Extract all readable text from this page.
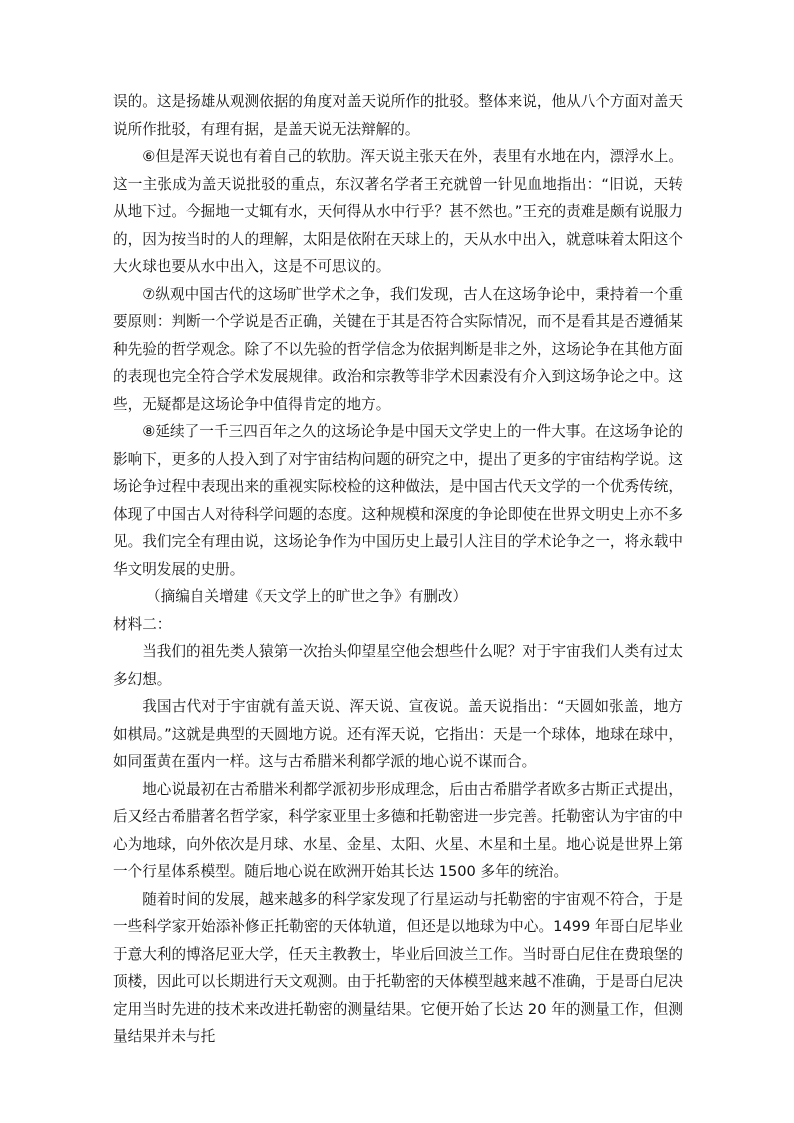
误的。这是扬雄从观测依据的角度对盖天说所作的批驳。整体来说，他从八个方面对盖天说所作批驳，有理有据，是盖天说无法辩解的。

⑥但是浑天说也有着自己的软肋。浑天说主张天在外，表里有水地在内，漂浮水上。这一主张成为盖天说批驳的重点，东汉著名学者王充就曾一针见血地指出：“旧说，天转从地下过。今掘地一丈辄有水，天何得从水中行乎？甚不然也。”王充的责难是颇有说服力的，因为按当时的人的理解，太阳是依附在天球上的，天从水中出入，就意味着太阳这个大火球也要从水中出入，这是不可思议的。

⑦纵观中国古代的这场旷世学术之争，我们发现，古人在这场争论中，秉持着一个重要原则：判断一个学说是否正确，关键在于其是否符合实际情况，而不是看其是否遵循某种先验的哲学观念。除了不以先验的哲学信念为依据判断是非之外，这场论争在其他方面的表现也完全符合学术发展规律。政治和宗教等非学术因素没有介入到这场争论之中。这些，无疑都是这场论争中值得肯定的地方。

⑧延续了一千三四百年之久的这场论争是中国天文学史上的一件大事。在这场争论的影响下，更多的人投入到了对宇宙结构问题的研究之中，提出了更多的宇宙结构学说。这场论争过程中表现出来的重视实际校检的这种做法，是中国古代天文学的一个优秀传统，体现了中国古人对待科学问题的态度。这种规模和深度的争论即使在世界文明史上亦不多见。我们完全有理由说，这场论争作为中国历史上最引人注目的学术论争之一，将永载中华文明发展的史册。

（摘编自关增建《天文学上的旷世之争》有删改）

材料二：

当我们的祖先类人猿第一次抬头仰望星空他会想些什么呢？对于宇宙我们人类有过太多幻想。

我国古代对于宇宙就有盖天说、浑天说、宣夜说。盖天说指出：“天圆如张盖，地方如棋局。”这就是典型的天圆地方说。还有浑天说，它指出：天是一个球体，地球在球中，如同蛋黄在蛋内一样。这与古希腊米利都学派的地心说不谋而合。

地心说最初在古希腊米利都学派初步形成理念，后由古希腊学者欧多古斯正式提出，后又经古希腊著名哲学家，科学家亚里士多德和托勒密进一步完善。托勒密认为宇宙的中心为地球，向外依次是月球、水星、金星、太阳、火星、木星和土星。地心说是世界上第一个行星体系模型。随后地心说在欧洲开始其长达 1500 多年的统治。

随着时间的发展，越来越多的科学家发现了行星运动与托勒密的宇宙观不符合，于是一些科学家开始添补修正托勒密的天体轨道，但还是以地球为中心。1499 年哥白尼毕业于意大利的博洛尼亚大学，任天主教教士，毕业后回波兰工作。当时哥白尼住在费琅堡的顶楼，因此可以长期进行天文观测。由于托勒密的天体模型越来越不准确，于是哥白尼决定用当时先进的技术来改进托勒密的测量结果。它便开始了长达 20 年的测量工作，但测量结果并未与托
